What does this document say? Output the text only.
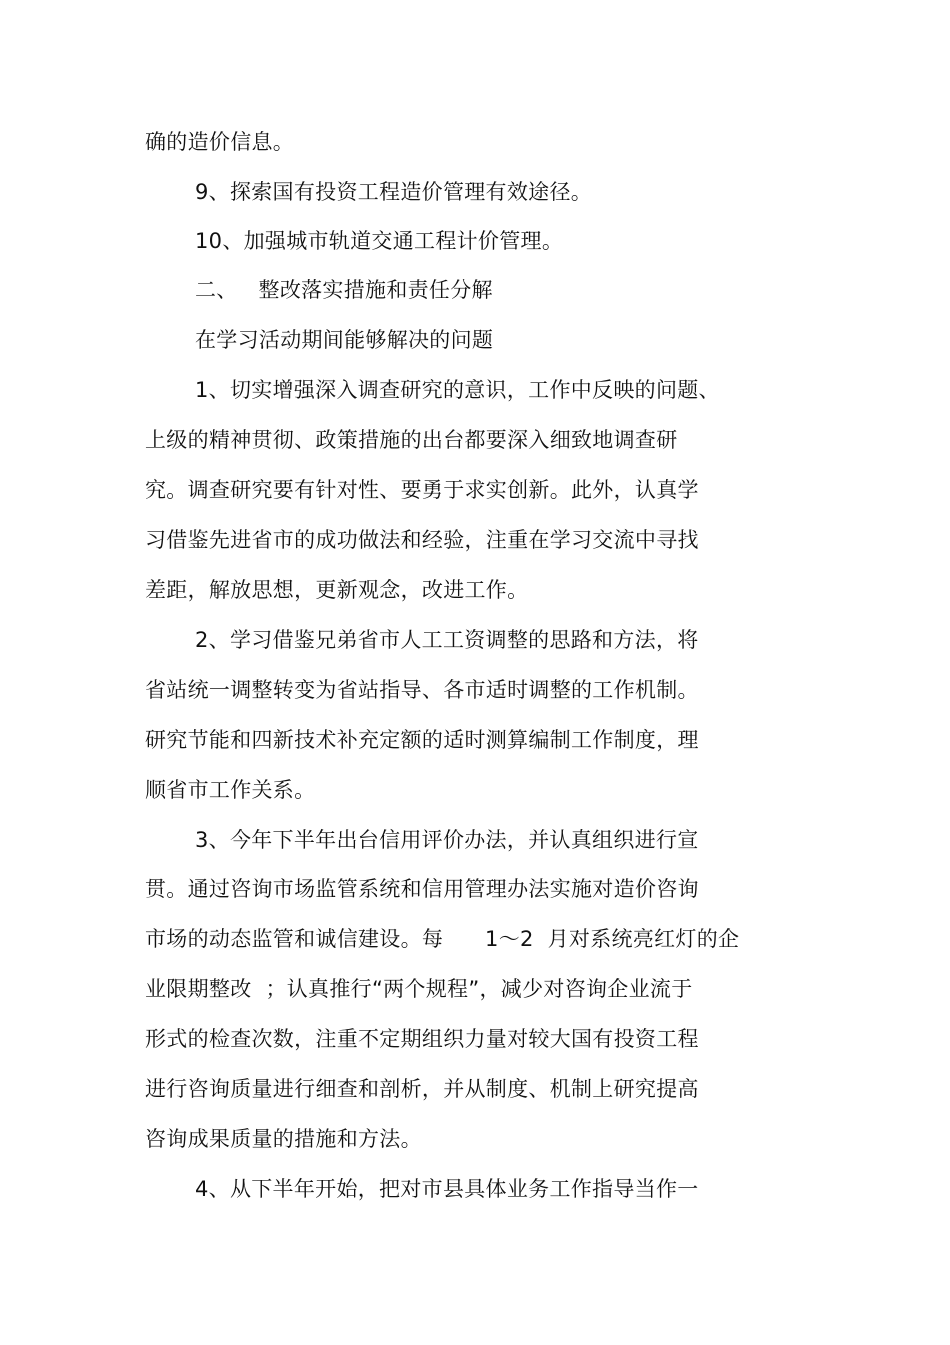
确的造价信息。
9、探索国有投资工程造价管理有效途径。
10、加强城市轨道交通工程计价管理。
二、   整改落实措施和责任分解
在学习活动期间能够解决的问题
1、切实增强深入调查研究的意识，工作中反映的问题、
上级的精神贯彻、政策措施的出台都要深入细致地调查研
究。调查研究要有针对性、要勇于求实创新。此外，认真学
习借鉴先进省市的成功做法和经验，注重在学习交流中寻找
差距，解放思想，更新观念，改进工作。
2、学习借鉴兄弟省市人工工资调整的思路和方法，将
省站统一调整转变为省站指导、各市适时调整的工作机制。
研究节能和四新技术补充定额的适时测算编制工作制度，理
顺省市工作关系。
3、今年下半年出台信用评价办法，并认真组织进行宣
贯。通过咨询市场监管系统和信用管理办法实施对造价咨询
市场的动态监管和诚信建设。每      1～2  月对系统亮红灯的企
业限期整改  ；认真推行“两个规程”，减少对咨询企业流于
形式的检查次数，注重不定期组织力量对较大国有投资工程
进行咨询质量进行细查和剖析，并从制度、机制上研究提高
咨询成果质量的措施和方法。
4、从下半年开始，把对市县具体业务工作指导当作一
